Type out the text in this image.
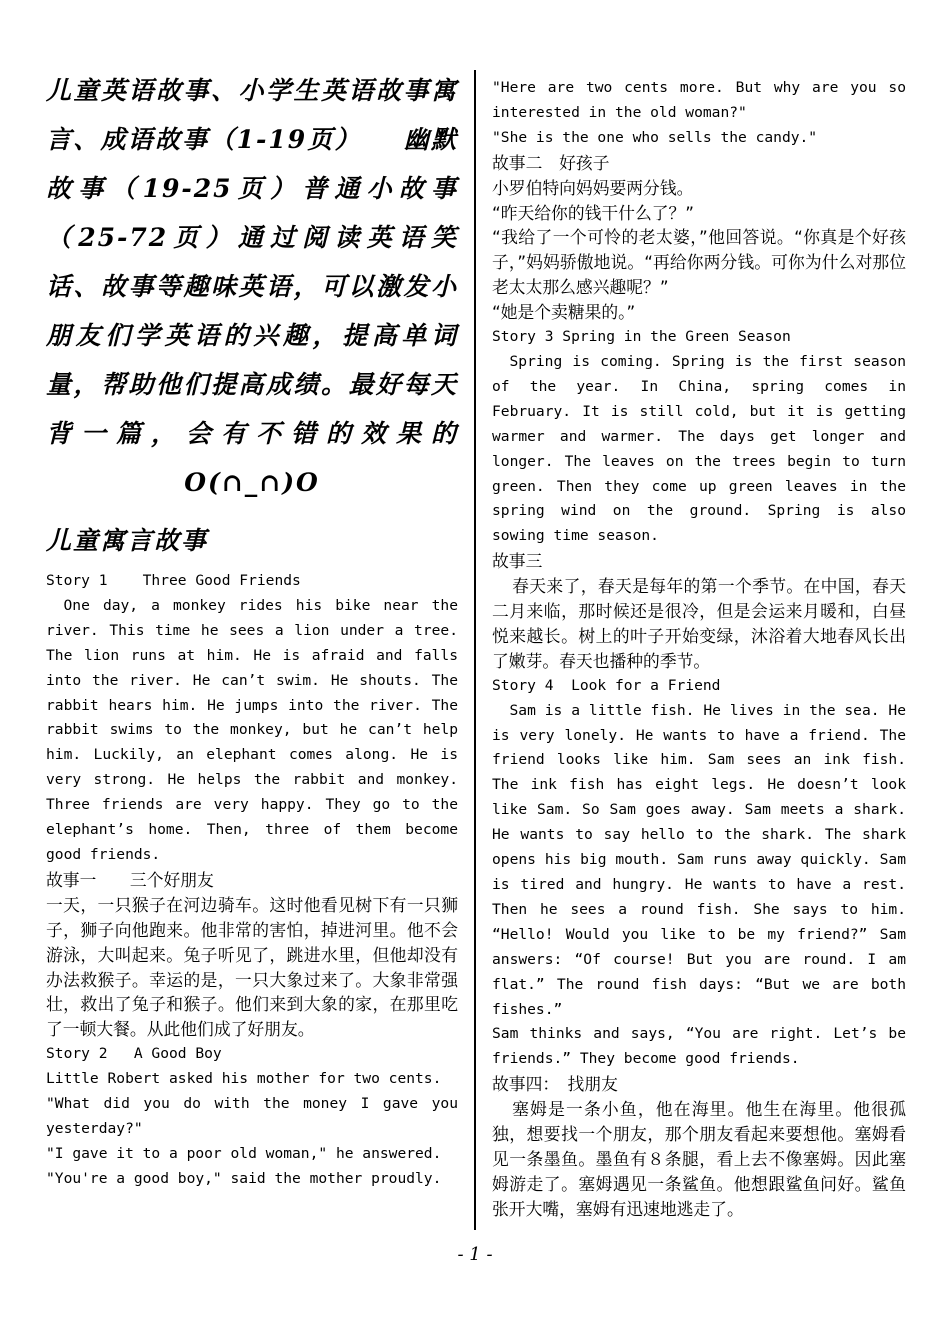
儿童英语故事、小学生英语故事寓言、成语故事（1-19页）　　幽默故事（19-25页）普通小故事（25-72页）通过阅读英语笑话、故事等趣味英语，可以激发小朋友们学英语的兴趣，提高单词量，帮助他们提高成绩。最好每天背一篇，会有不错的效果的 O(∩_∩)O

儿童寓言故事

Story 1    Three Good Friends

One day, a monkey rides his bike near the river. This time he sees a lion under a tree. The lion runs at him. He is afraid and falls into the river. He can’t swim. He shouts. The rabbit hears him. He jumps into the river. The rabbit swims to the monkey, but he can’t help him. Luckily, an elephant comes along. He is very strong. He helps the rabbit and monkey. Three friends are very happy. They go to the elephant’s home. Then, three of them become good friends.

故事一　　三个好朋友

一天，一只猴子在河边骑车。这时他看见树下有一只狮子，狮子向他跑来。他非常的害怕，掉进河里。他不会游泳，大叫起来。兔子听见了，跳进水里，但他却没有办法救猴子。幸运的是，一只大象过来了。大象非常强壮，救出了兔子和猴子。他们来到大象的家，在那里吃了一顿大餐。从此他们成了好朋友。

Story 2   A Good Boy

Little Robert asked his mother for two cents.

"What did you do with the money I gave you yesterday?"

"I gave it to a poor old woman," he answered.

"You're a good boy," said the mother proudly.

"Here are two cents more. But why are you so interested in the old woman?"

"She is the one who sells the candy."

故事二　好孩子

小罗伯特向妈妈要两分钱。

“昨天给你的钱干什么了？”

“我给了一个可怜的老太婆，”他回答说。“你真是个好孩子，”妈妈骄傲地说。“再给你两分钱。可你为什么对那位老太太那么感兴趣呢？”

“她是个卖糖果的。”

Story 3 Spring in the Green Season

Spring is coming. Spring is the first season of the year. In China, spring comes in February. It is still cold, but it is getting warmer and warmer. The days get longer and longer. The leaves on the trees begin to turn green. Then they come up green leaves in the spring wind on the ground. Spring is also sowing time season.

故事三

春天来了，春天是每年的第一个季节。在中国，春天二月来临，那时候还是很冷，但是会运来月暖和，白昼悦来越长。树上的叶子开始变绿，沐浴着大地春风长出了嫩芽。春天也播种的季节。

Story 4  Look for a Friend

Sam is a little fish. He lives in the sea. He is very lonely. He wants to have a friend. The friend looks like him. Sam sees an ink fish. The ink fish has eight legs. He doesn’t look like Sam. So Sam goes away. Sam meets a shark. He wants to say hello to the shark. The shark opens his big mouth. Sam runs away quickly. Sam is tired and hungry. He wants to have a rest. Then he sees a round fish. She says to him. “Hello! Would you like to be my friend?” Sam answers: “Of course! But you are round. I am flat.” The round fish days: “But we are both fishes.”

Sam thinks and says, “You are right. Let’s be friends.” They become good friends.

故事四：　找朋友

塞姆是一条小鱼，他在海里。他生在海里。他很孤独，想要找一个朋友，那个朋友看起来要想他。塞姆看见一条墨鱼。墨鱼有８条腿，看上去不像塞姆。因此塞姆游走了。塞姆遇见一条鲨鱼。他想跟鲨鱼问好。鲨鱼张开大嘴，塞姆有迅速地逃走了。

- 1 -
